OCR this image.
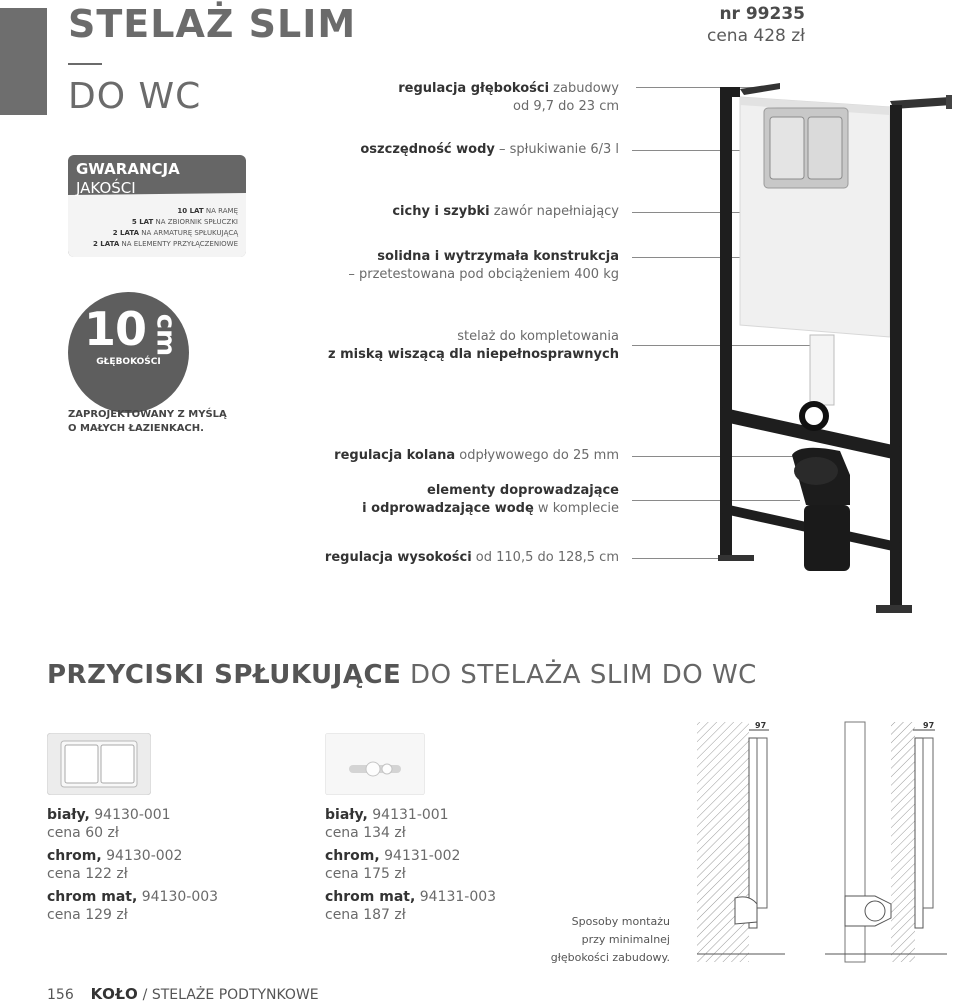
STELAŻ SLIM
DO WC
nr 99235
cena 428 zł
GWARANCJA
JAKOŚCI
10 LAT NA RAMĘ
5 LAT NA ZBIORNIK SPŁUCZKI
2 LATA NA ARMATURĘ SPŁUKUJĄCĄ
2 LATA NA ELEMENTY PRZYŁĄCZENIOWE
10 cm
GŁĘBOKOŚCI
ZAPROJEKTOWANY Z MYŚLĄ
O MAŁYCH ŁAZIENKACH.
regulacja głębokości zabudowy
od 9,7 do 23 cm
oszczędność wody – spłukiwanie 6/3 l
cichy i szybki zawór napełniający
solidna i wytrzymała konstrukcja
– przetestowana pod obciążeniem 400 kg
stelaż do kompletowania
z miską wiszącą dla niepełnosprawnych
regulacja kolana odpływowego do 25 mm
elementy doprowadzające
i odprowadzające wodę w komplecie
regulacja wysokości od 110,5 do 128,5 cm
PRZYCISKI SPŁUKUJĄCE DO STELAŻA SLIM DO WC
biały, 94130-001
cena 60 zł
chrom, 94130-002
cena 122 zł
chrom mat, 94130-003
cena 129 zł
biały, 94131-001
cena 134 zł
chrom, 94131-002
cena 175 zł
chrom mat, 94131-003
cena 187 zł	Sposoby montażu
przy minimalnej
głębokości zabudowy.
97	97
156 KOŁO / STELAŻE PODTYNKOWE
